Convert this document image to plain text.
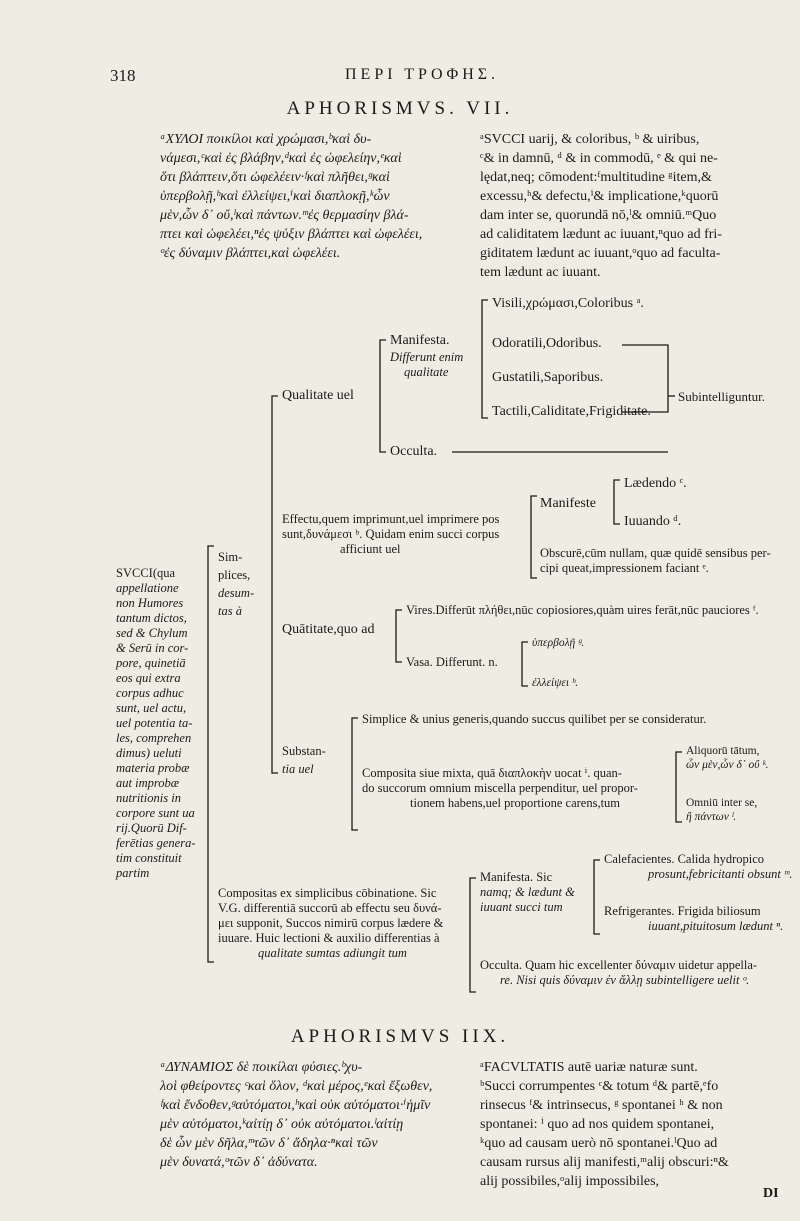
318	ΠΕΡΙ ΤΡΟΦΗΣ.
APHORISMVS. VII.

ᵃΧΥΛΟΙ ποικίλοι καὶ χρώμασι,ᵇκαὶ δυ-

νάμεσι,ᶜκαὶ ἐς βλάβην,ᵈκαὶ ἐς ὠφελείην,ᵉκαὶ

ὅτι βλάπτειν,ὅτι ὠφελέειν·ᶠκαὶ πλῆθει,ᵍκαὶ

ὑπερβολῇ,ʰκαὶ ἐλλείψει,ⁱκαὶ διαπλοκῇ,ᵏὧν

μὲν,ὧν δ᾽ οὔ,ˡκαὶ πάντων.ᵐἐς θερμασίην βλά-

πτει καὶ ὠφελέει,ⁿἐς ψύξιν βλάπτει καὶ ὠφελέει,

ᵒἐς δύναμιν βλάπτει,καὶ ὠφελέει.

ᵃSVCCI uarij, & coloribus, ᵇ & uiribus,

ᶜ& in damnū, ᵈ & in commodū, ᵉ & qui ne-

lędat,neq; cōmodent:ᶠmultitudine ᵍitem,&

excessu,ʰ& defectu,ⁱ& implicatione,ᵏquorū

dam inter se, quorundā nō,ˡ& omniū.ᵐQuo

ad caliditatem lædunt ac iuuant,ⁿquo ad fri-

giditatem lædunt ac iuuant,ᵒquo ad faculta-

tem lædunt ac iuuant.

SVCCI(qua
appellatione
non Humores
tantum dictos,
sed & Chylum
& Serū in cor-
pore, quinetiā
eos qui extra
corpus adhuc
sunt, uel actu,
uel potentia ta-
les, comprehen
dimus) ueluti
materia probæ
aut improbæ
nutritionis in
corpore sunt ua
rij.Quorū Dif-
ferētias genera-
tim constituit
partim
Sim-
plices,
desum-
tas à
Qualitate uel
Manifesta.
Differunt enim
qualitate
Visili,χρώμασι,Coloribus ᵃ.
Odoratili,Odoribus.
Gustatili,Saporibus.
Tactili,Caliditate,Frigiditate.
Subintelliguntur.
Occulta.
Effectu,quem imprimunt,uel imprimere pos
sunt,δυνάμεσι ᵇ. Quidam enim succi corpus
afficiunt uel
Manifeste
Lædendo ᶜ.
Iuuando ᵈ.
Obscurē,cūm nullam, quæ quidē sensibus per-
cipi queat,impressionem faciant ᵉ.
Quātitate,quo ad
Vires.Differūt πλήθει,nūc copiosiores,quàm uires ferāt,nūc pauciores ᶠ.
Vasa. Differunt. n.
ὑπερβολῇ ᵍ.
ἐλλείψει ʰ.
Substan-
tia uel
Simplice & unius generis,quando succus quilibet per se consideratur.
Composita siue mixta, quā διαπλοκὴν uocat ⁱ. quan-
do succorum omnium miscella perpenditur, uel propor-
tionem habens,uel proportione carens,tum
Aliquorū tātum,
ὧν μὲν,ὧν δ᾽ οὔ ᵏ.
Omniū inter se,
ἢ πάντων ˡ.
Compositas ex simplicibus cōbinatione. Sic
V.G. differentiā succorū ab effectu seu δυνά-
μει supponit, Succos nimirū corpus lædere &
iuuare. Huic lectioni & auxilio differentias à
qualitate sumtas adiungit tum
Manifesta. Sic
namq; & lædunt &
iuuant succi tum
Calefacientes. Calida hydropico
prosunt,febricitanti obsunt ᵐ.
Refrigerantes. Frigida biliosum
iuuant,pituitosum lædunt ⁿ.
Occulta. Quam hic excellenter δύναμιν uidetur appella-
re. Nisi quis δύναμιν ἐν ἄλλῃ subintelligere uelit ᵒ.
APHORISMVS IIX.

ᵃΔΥΝΑΜΙΟΣ δὲ ποικίλαι φύσιες.ᵇχυ-

λοὶ φθείροντες ᶜκαὶ ὅλον, ᵈκαὶ μέρος,ᵉκαὶ ἔξωθεν,

ᶠκαὶ ἔνδοθεν,ᵍαὐτόματοι,ʰκαὶ οὐκ αὐτόματοι·ⁱἡμῖν

μὲν αὐτόματοι,ᵏαἰτίῃ δ᾽ οὐκ αὐτόματοι.ˡαἰτίῃ

δὲ ὧν μὲν δῆλα,ᵐτῶν δ᾽ ἄδηλα·ⁿκαὶ τῶν

μὲν δυνατά,ᵒτῶν δ᾽ ἀδύνατα.

ᵃFACVLTATIS autē uariæ naturæ sunt.

ᵇSucci corrumpentes ᶜ& totum ᵈ& partē,ᵉfo

rinsecus ᶠ& intrinsecus, ᵍ spontanei ʰ & non

spontanei: ⁱ quo ad nos quidem spontanei,

ᵏquo ad causam uerò nō spontanei.ˡQuo ad

causam rursus alij manifesti,ᵐalij obscuri:ⁿ&

alij possibiles,ᵒalij impossibiles,

DI
